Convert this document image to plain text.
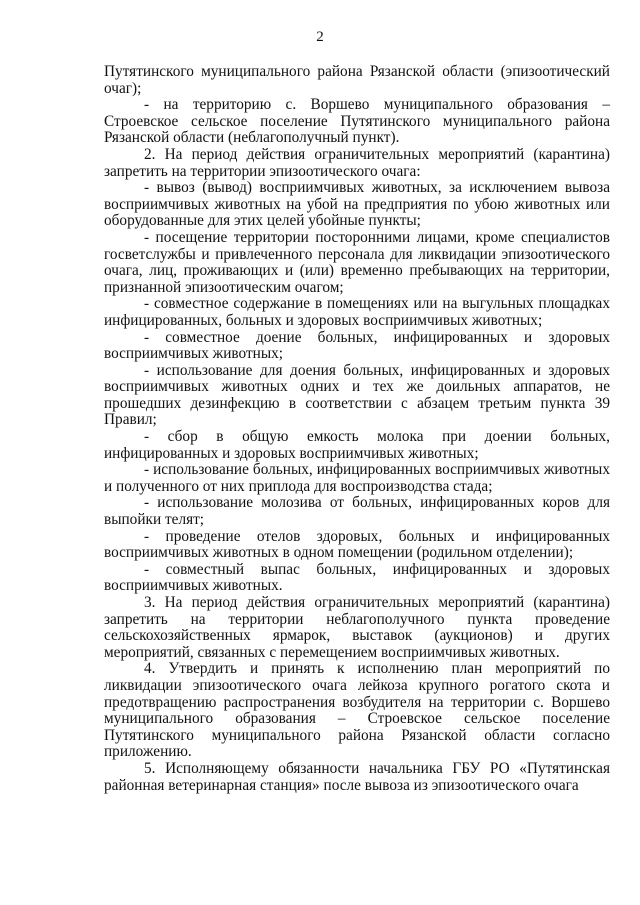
2

Путятинского муниципального района Рязанской области (эпизоотический очаг);

- на территорию с. Воршево муниципального образования – Строевское сельское поселение Путятинского муниципального района Рязанской области (неблагополучный пункт).

2. На период действия ограничительных мероприятий (карантина) запретить на территории эпизоотического очага:

- вывоз (вывод) восприимчивых животных, за исключением вывоза восприимчивых животных на убой на предприятия по убою животных или оборудованные для этих целей убойные пункты;

- посещение территории посторонними лицами, кроме специалистов госветслужбы и привлеченного персонала для ликвидации эпизоотического очага, лиц, проживающих и (или) временно пребывающих на территории, признанной эпизоотическим очагом;

- совместное содержание в помещениях или на выгульных площадках инфицированных, больных и здоровых восприимчивых животных;

- совместное доение больных, инфицированных и здоровых восприимчивых животных;

- использование для доения больных, инфицированных и здоровых восприимчивых животных одних и тех же доильных аппаратов, не прошедших дезинфекцию в соответствии с абзацем третьим пункта 39 Правил;

- сбор в общую емкость молока при доении больных, инфицированных и здоровых восприимчивых животных;

- использование больных, инфицированных восприимчивых животных и полученного от них приплода для воспроизводства стада;

- использование молозива от больных, инфицированных коров для выпойки телят;

- проведение отелов здоровых, больных и инфицированных восприимчивых животных в одном помещении (родильном отделении);

- совместный выпас больных, инфицированных и здоровых восприимчивых животных.

3. На период действия ограничительных мероприятий (карантина) запретить на территории неблагополучного пункта проведение сельскохозяйственных ярмарок, выставок (аукционов) и других мероприятий, связанных с перемещением восприимчивых животных.

4. Утвердить и принять к исполнению план мероприятий по ликвидации эпизоотического очага лейкоза крупного рогатого скота и предотвращению распространения возбудителя на территории с. Воршево муниципального образования – Строевское сельское поселение Путятинского муниципального района Рязанской области согласно приложению.

5. Исполняющему обязанности начальника ГБУ РО «Путятинская районная ветеринарная станция» после вывоза из эпизоотического очага
